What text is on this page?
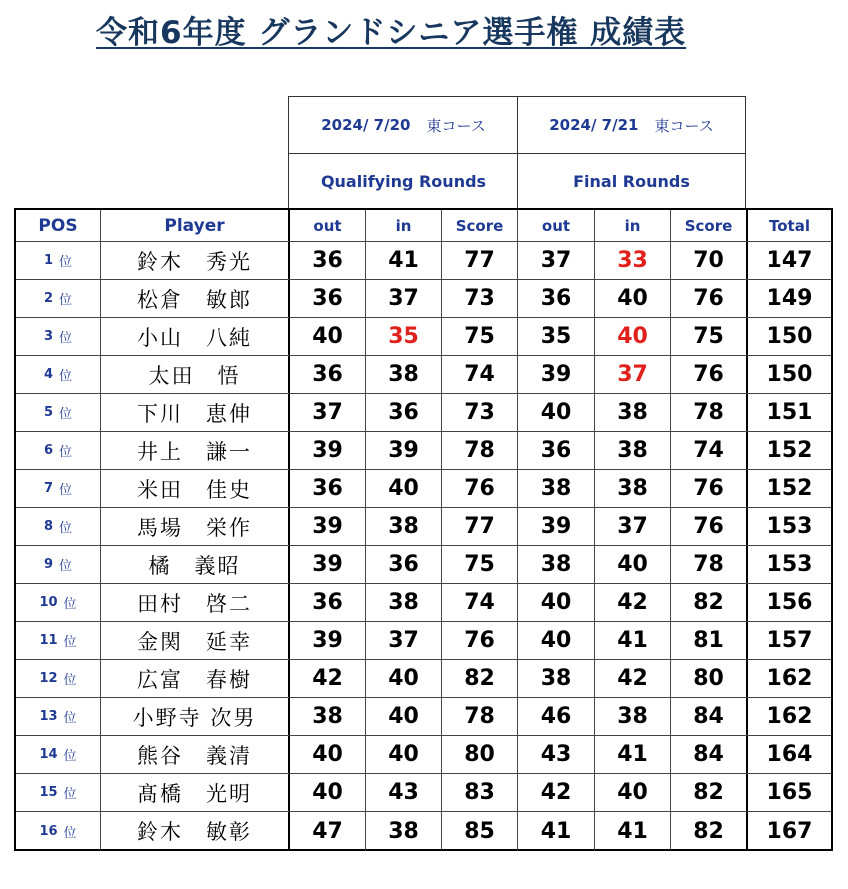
令和6年度 グランドシニア選手権 成績表
2024/ 7/20 東コース	2024/ 7/21 東コース
Qualifying Rounds	Final Rounds
POS	Player	out	in	Score	out	in	Score	Total
1 位	鈴木　秀光	36	41	77	37	33	70	147
2 位	松倉　敏郎	36	37	73	36	40	76	149
3 位	小山　八純	40	35	75	35	40	75	150
4 位	太田　悟	36	38	74	39	37	76	150
5 位	下川　恵伸	37	36	73	40	38	78	151
6 位	井上　謙一	39	39	78	36	38	74	152
7 位	米田　佳史	36	40	76	38	38	76	152
8 位	馬場　栄作	39	38	77	39	37	76	153
9 位	橘　義昭	39	36	75	38	40	78	153
10 位	田村　啓二	36	38	74	40	42	82	156
11 位	金関　延幸	39	37	76	40	41	81	157
12 位	広富　春樹	42	40	82	38	42	80	162
13 位	小野寺 次男	38	40	78	46	38	84	162
14 位	熊谷　義清	40	40	80	43	41	84	164
15 位	髙橋　光明	40	43	83	42	40	82	165
16 位	鈴木　敏彰	47	38	85	41	41	82	167
